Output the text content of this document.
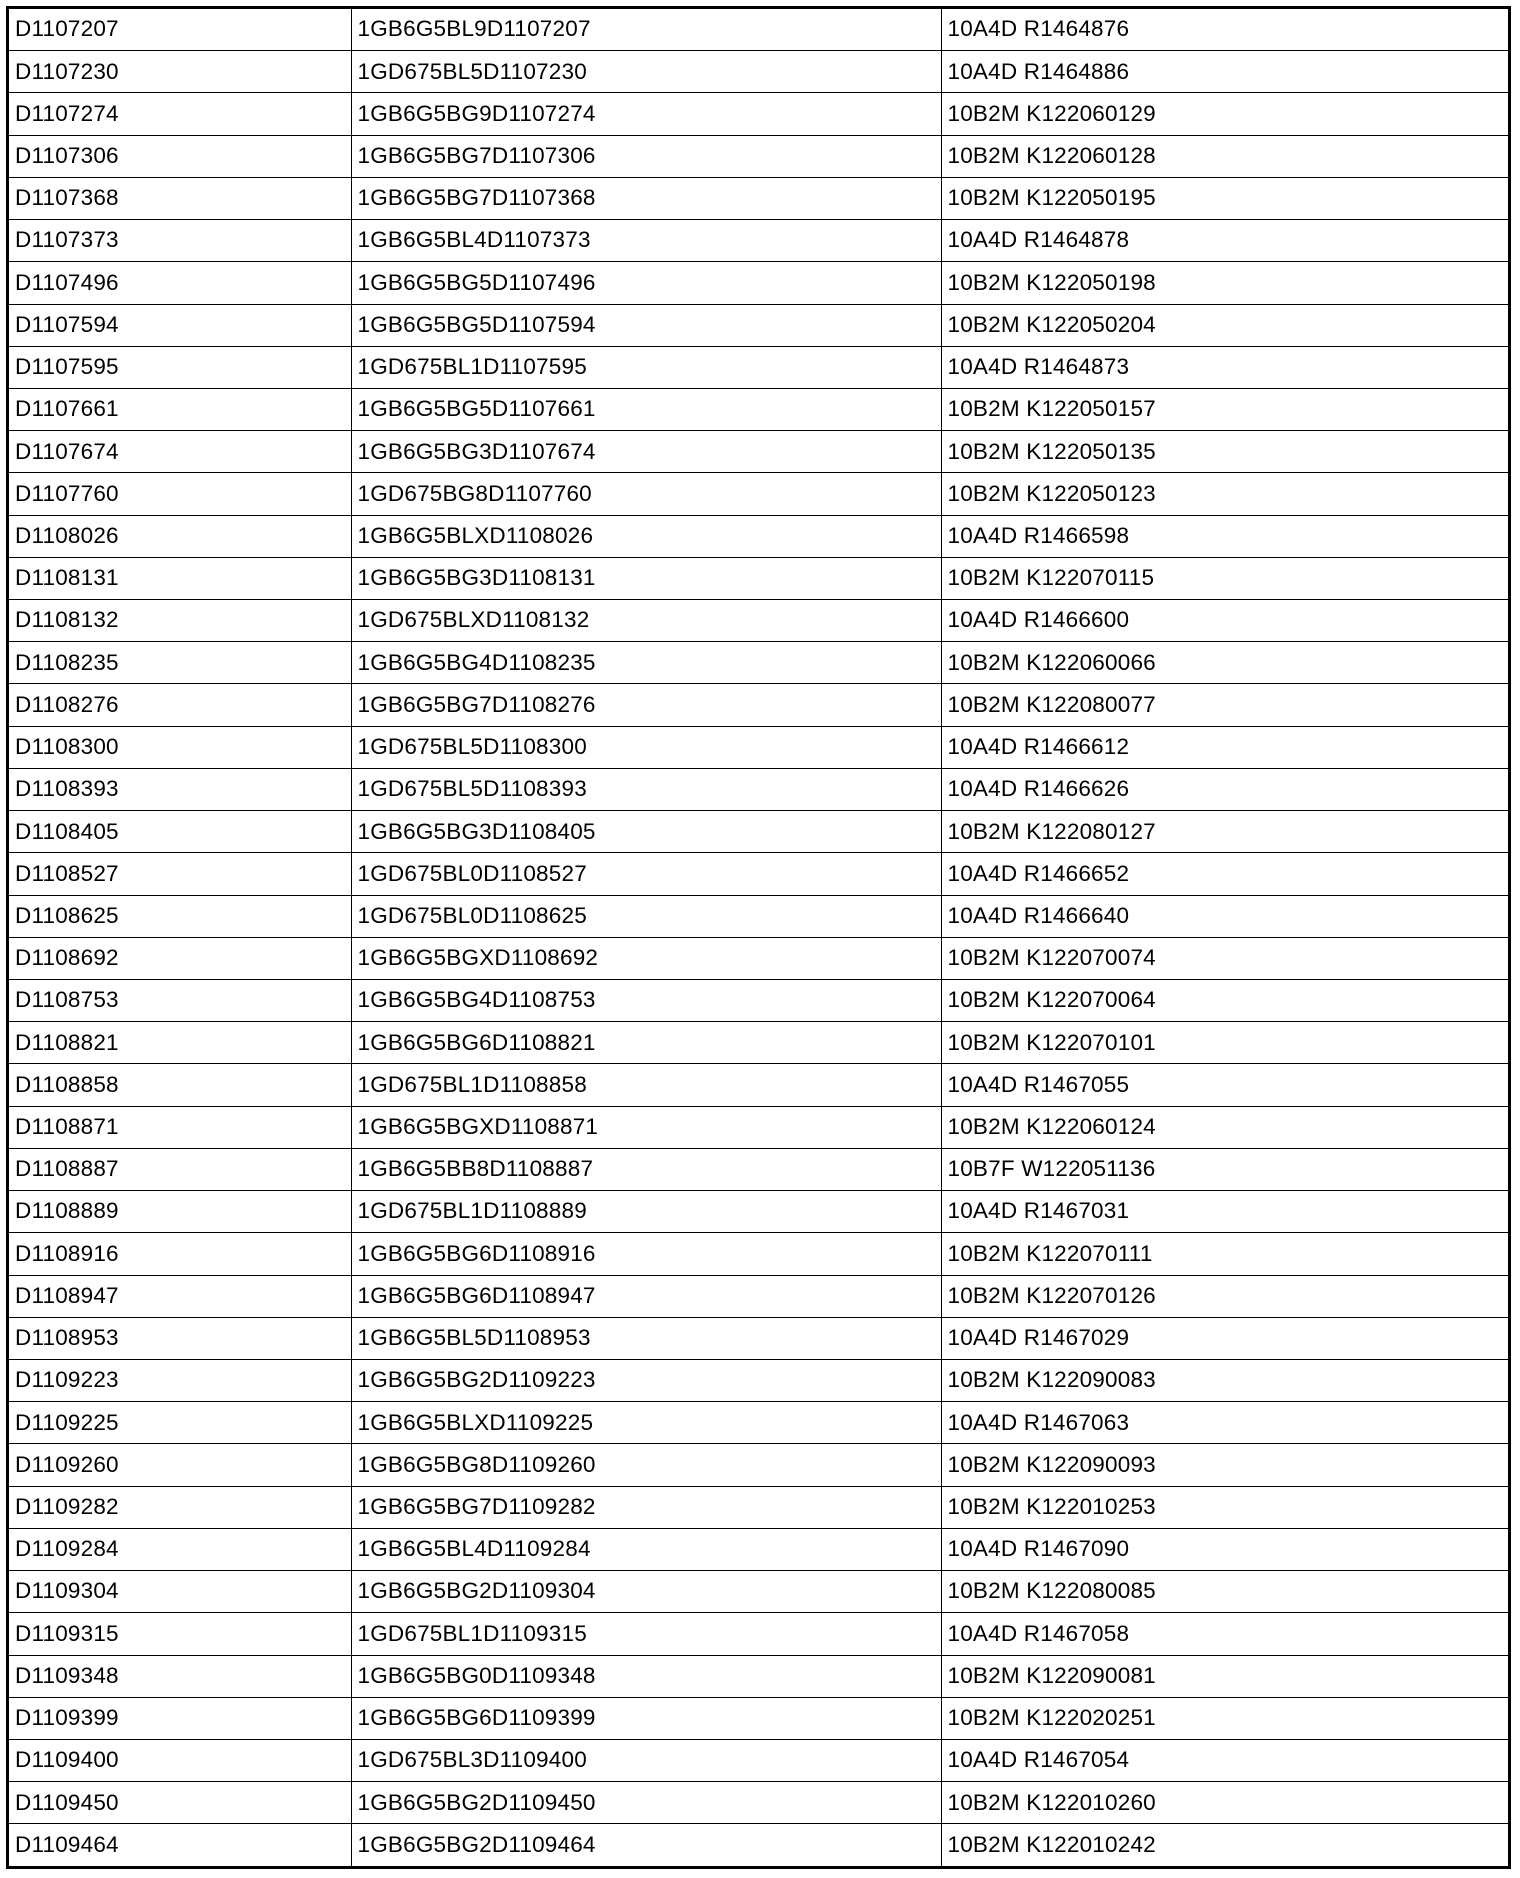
D1107207	1GB6G5BL9D1107207	10A4D R1464876
D1107230	1GD675BL5D1107230	10A4D R1464886
D1107274	1GB6G5BG9D1107274	10B2M K122060129
D1107306	1GB6G5BG7D1107306	10B2M K122060128
D1107368	1GB6G5BG7D1107368	10B2M K122050195
D1107373	1GB6G5BL4D1107373	10A4D R1464878
D1107496	1GB6G5BG5D1107496	10B2M K122050198
D1107594	1GB6G5BG5D1107594	10B2M K122050204
D1107595	1GD675BL1D1107595	10A4D R1464873
D1107661	1GB6G5BG5D1107661	10B2M K122050157
D1107674	1GB6G5BG3D1107674	10B2M K122050135
D1107760	1GD675BG8D1107760	10B2M K122050123
D1108026	1GB6G5BLXD1108026	10A4D R1466598
D1108131	1GB6G5BG3D1108131	10B2M K122070115
D1108132	1GD675BLXD1108132	10A4D R1466600
D1108235	1GB6G5BG4D1108235	10B2M K122060066
D1108276	1GB6G5BG7D1108276	10B2M K122080077
D1108300	1GD675BL5D1108300	10A4D R1466612
D1108393	1GD675BL5D1108393	10A4D R1466626
D1108405	1GB6G5BG3D1108405	10B2M K122080127
D1108527	1GD675BL0D1108527	10A4D R1466652
D1108625	1GD675BL0D1108625	10A4D R1466640
D1108692	1GB6G5BGXD1108692	10B2M K122070074
D1108753	1GB6G5BG4D1108753	10B2M K122070064
D1108821	1GB6G5BG6D1108821	10B2M K122070101
D1108858	1GD675BL1D1108858	10A4D R1467055
D1108871	1GB6G5BGXD1108871	10B2M K122060124
D1108887	1GB6G5BB8D1108887	10B7F W122051136
D1108889	1GD675BL1D1108889	10A4D R1467031
D1108916	1GB6G5BG6D1108916	10B2M K122070111
D1108947	1GB6G5BG6D1108947	10B2M K122070126
D1108953	1GB6G5BL5D1108953	10A4D R1467029
D1109223	1GB6G5BG2D1109223	10B2M K122090083
D1109225	1GB6G5BLXD1109225	10A4D R1467063
D1109260	1GB6G5BG8D1109260	10B2M K122090093
D1109282	1GB6G5BG7D1109282	10B2M K122010253
D1109284	1GB6G5BL4D1109284	10A4D R1467090
D1109304	1GB6G5BG2D1109304	10B2M K122080085
D1109315	1GD675BL1D1109315	10A4D R1467058
D1109348	1GB6G5BG0D1109348	10B2M K122090081
D1109399	1GB6G5BG6D1109399	10B2M K122020251
D1109400	1GD675BL3D1109400	10A4D R1467054
D1109450	1GB6G5BG2D1109450	10B2M K122010260
D1109464	1GB6G5BG2D1109464	10B2M K122010242
